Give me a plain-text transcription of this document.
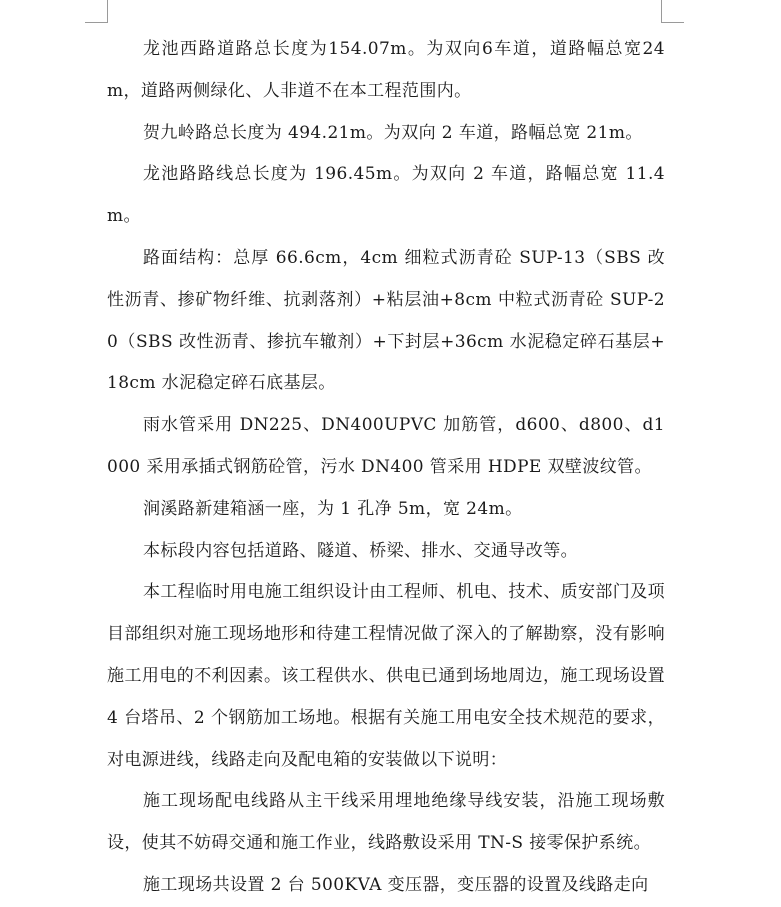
龙池西路道路总长度为154.07m。为双向6车道，道路幅总宽24m，道路两侧绿化、人非道不在本工程范围内。

贺九岭路总长度为 494.21m。为双向 2 车道，路幅总宽 21m。

龙池路路线总长度为 196.45m。为双向 2 车道，路幅总宽 11.4m。

路面结构：总厚 66.6cm，4cm 细粒式沥青砼 SUP-13（SBS 改性沥青、掺矿物纤维、抗剥落剂）+粘层油+8cm 中粒式沥青砼 SUP-20（SBS 改性沥青、掺抗车辙剂）+下封层+36cm 水泥稳定碎石基层+18cm 水泥稳定碎石底基层。

雨水管采用 DN225、DN400UPVC 加筋管，d600、d800、d1000 采用承插式钢筋砼管，污水 DN400 管采用 HDPE 双壁波纹管。

涧溪路新建箱涵一座，为 1 孔净 5m，宽 24m。

本标段内容包括道路、隧道、桥梁、排水、交通导改等。

本工程临时用电施工组织设计由工程师、机电、技术、质安部门及项目部组织对施工现场地形和待建工程情况做了深入的了解勘察，没有影响施工用电的不利因素。该工程供水、供电已通到场地周边，施工现场设置 4 台塔吊、2 个钢筋加工场地。根据有关施工用电安全技术规范的要求，对电源进线，线路走向及配电箱的安装做以下说明：

施工现场配电线路从主干线采用埋地绝缘导线安装，沿施工现场敷设，使其不妨碍交通和施工作业，线路敷设采用 TN-S 接零保护系统。

施工现场共设置 2 台 500KVA 变压器，变压器的设置及线路走向
